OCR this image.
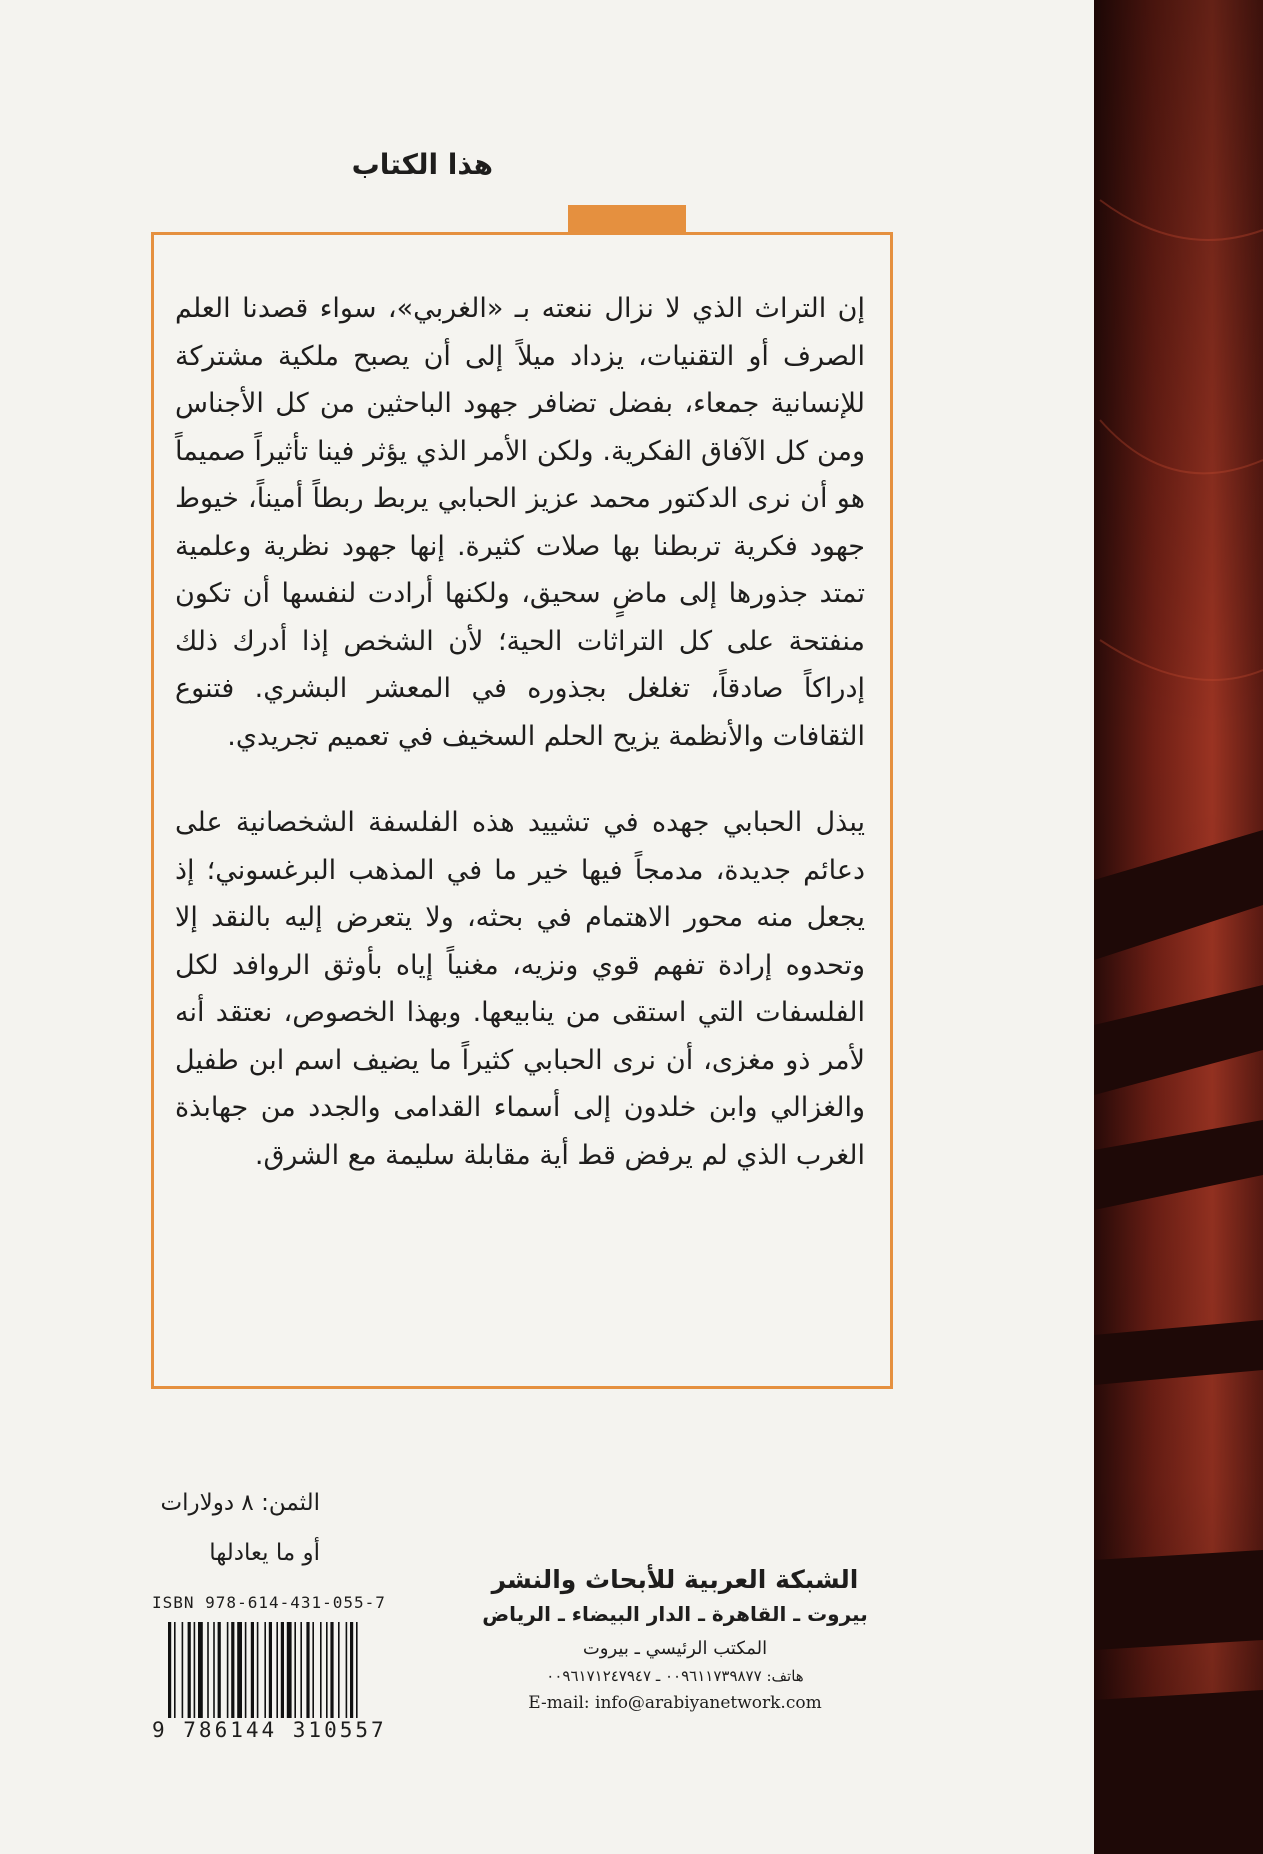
هذا الكتاب

إن التراث الذي لا نزال ننعته بـ «الغربي»، سواء قصدنا العلم الصرف أو التقنيات، يزداد ميلاً إلى أن يصبح ملكية مشتركة للإنسانية جمعاء، بفضل تضافر جهود الباحثين من كل الأجناس ومن كل الآفاق الفكرية. ولكن الأمر الذي يؤثر فينا تأثيراً صميماً هو أن نرى الدكتور محمد عزيز الحبابي يربط ربطاً أميناً، خيوط جهود فكرية تربطنا بها صلات كثيرة. إنها جهود نظرية وعلمية تمتد جذورها إلى ماضٍ سحيق، ولكنها أرادت لنفسها أن تكون منفتحة على كل التراثات الحية؛ لأن الشخص إذا أدرك ذلك إدراكاً صادقاً، تغلغل بجذوره في المعشر البشري. فتنوع الثقافات والأنظمة يزيح الحلم السخيف في تعميم تجريدي.

يبذل الحبابي جهده في تشييد هذه الفلسفة الشخصانية على دعائم جديدة، مدمجاً فيها خير ما في المذهب البرغسوني؛ إذ يجعل منه محور الاهتمام في بحثه، ولا يتعرض إليه بالنقد إلا وتحدوه إرادة تفهم قوي ونزيه، مغنياً إياه بأوثق الروافد لكل الفلسفات التي استقى من ينابيعها. وبهذا الخصوص، نعتقد أنه لأمر ذو مغزى، أن نرى الحبابي كثيراً ما يضيف اسم ابن طفيل والغزالي وابن خلدون إلى أسماء القدامى والجدد من جهابذة الغرب الذي لم يرفض قط أية مقابلة سليمة مع الشرق.

الثمن: ٨ دولارات
أو ما يعادلها
الشبكة العربية للأبحاث والنشر
بيروت ـ القاهرة ـ الدار البيضاء ـ الرياض
المكتب الرئيسي ـ بيروت
هاتف: ٠٠٩٦١١٧٣٩٨٧٧ ـ ٠٠٩٦١٧١٢٤٧٩٤٧
E-mail: info@arabiyanetwork.com
ISBN 978-614-431-055-7
9 786144 310557
